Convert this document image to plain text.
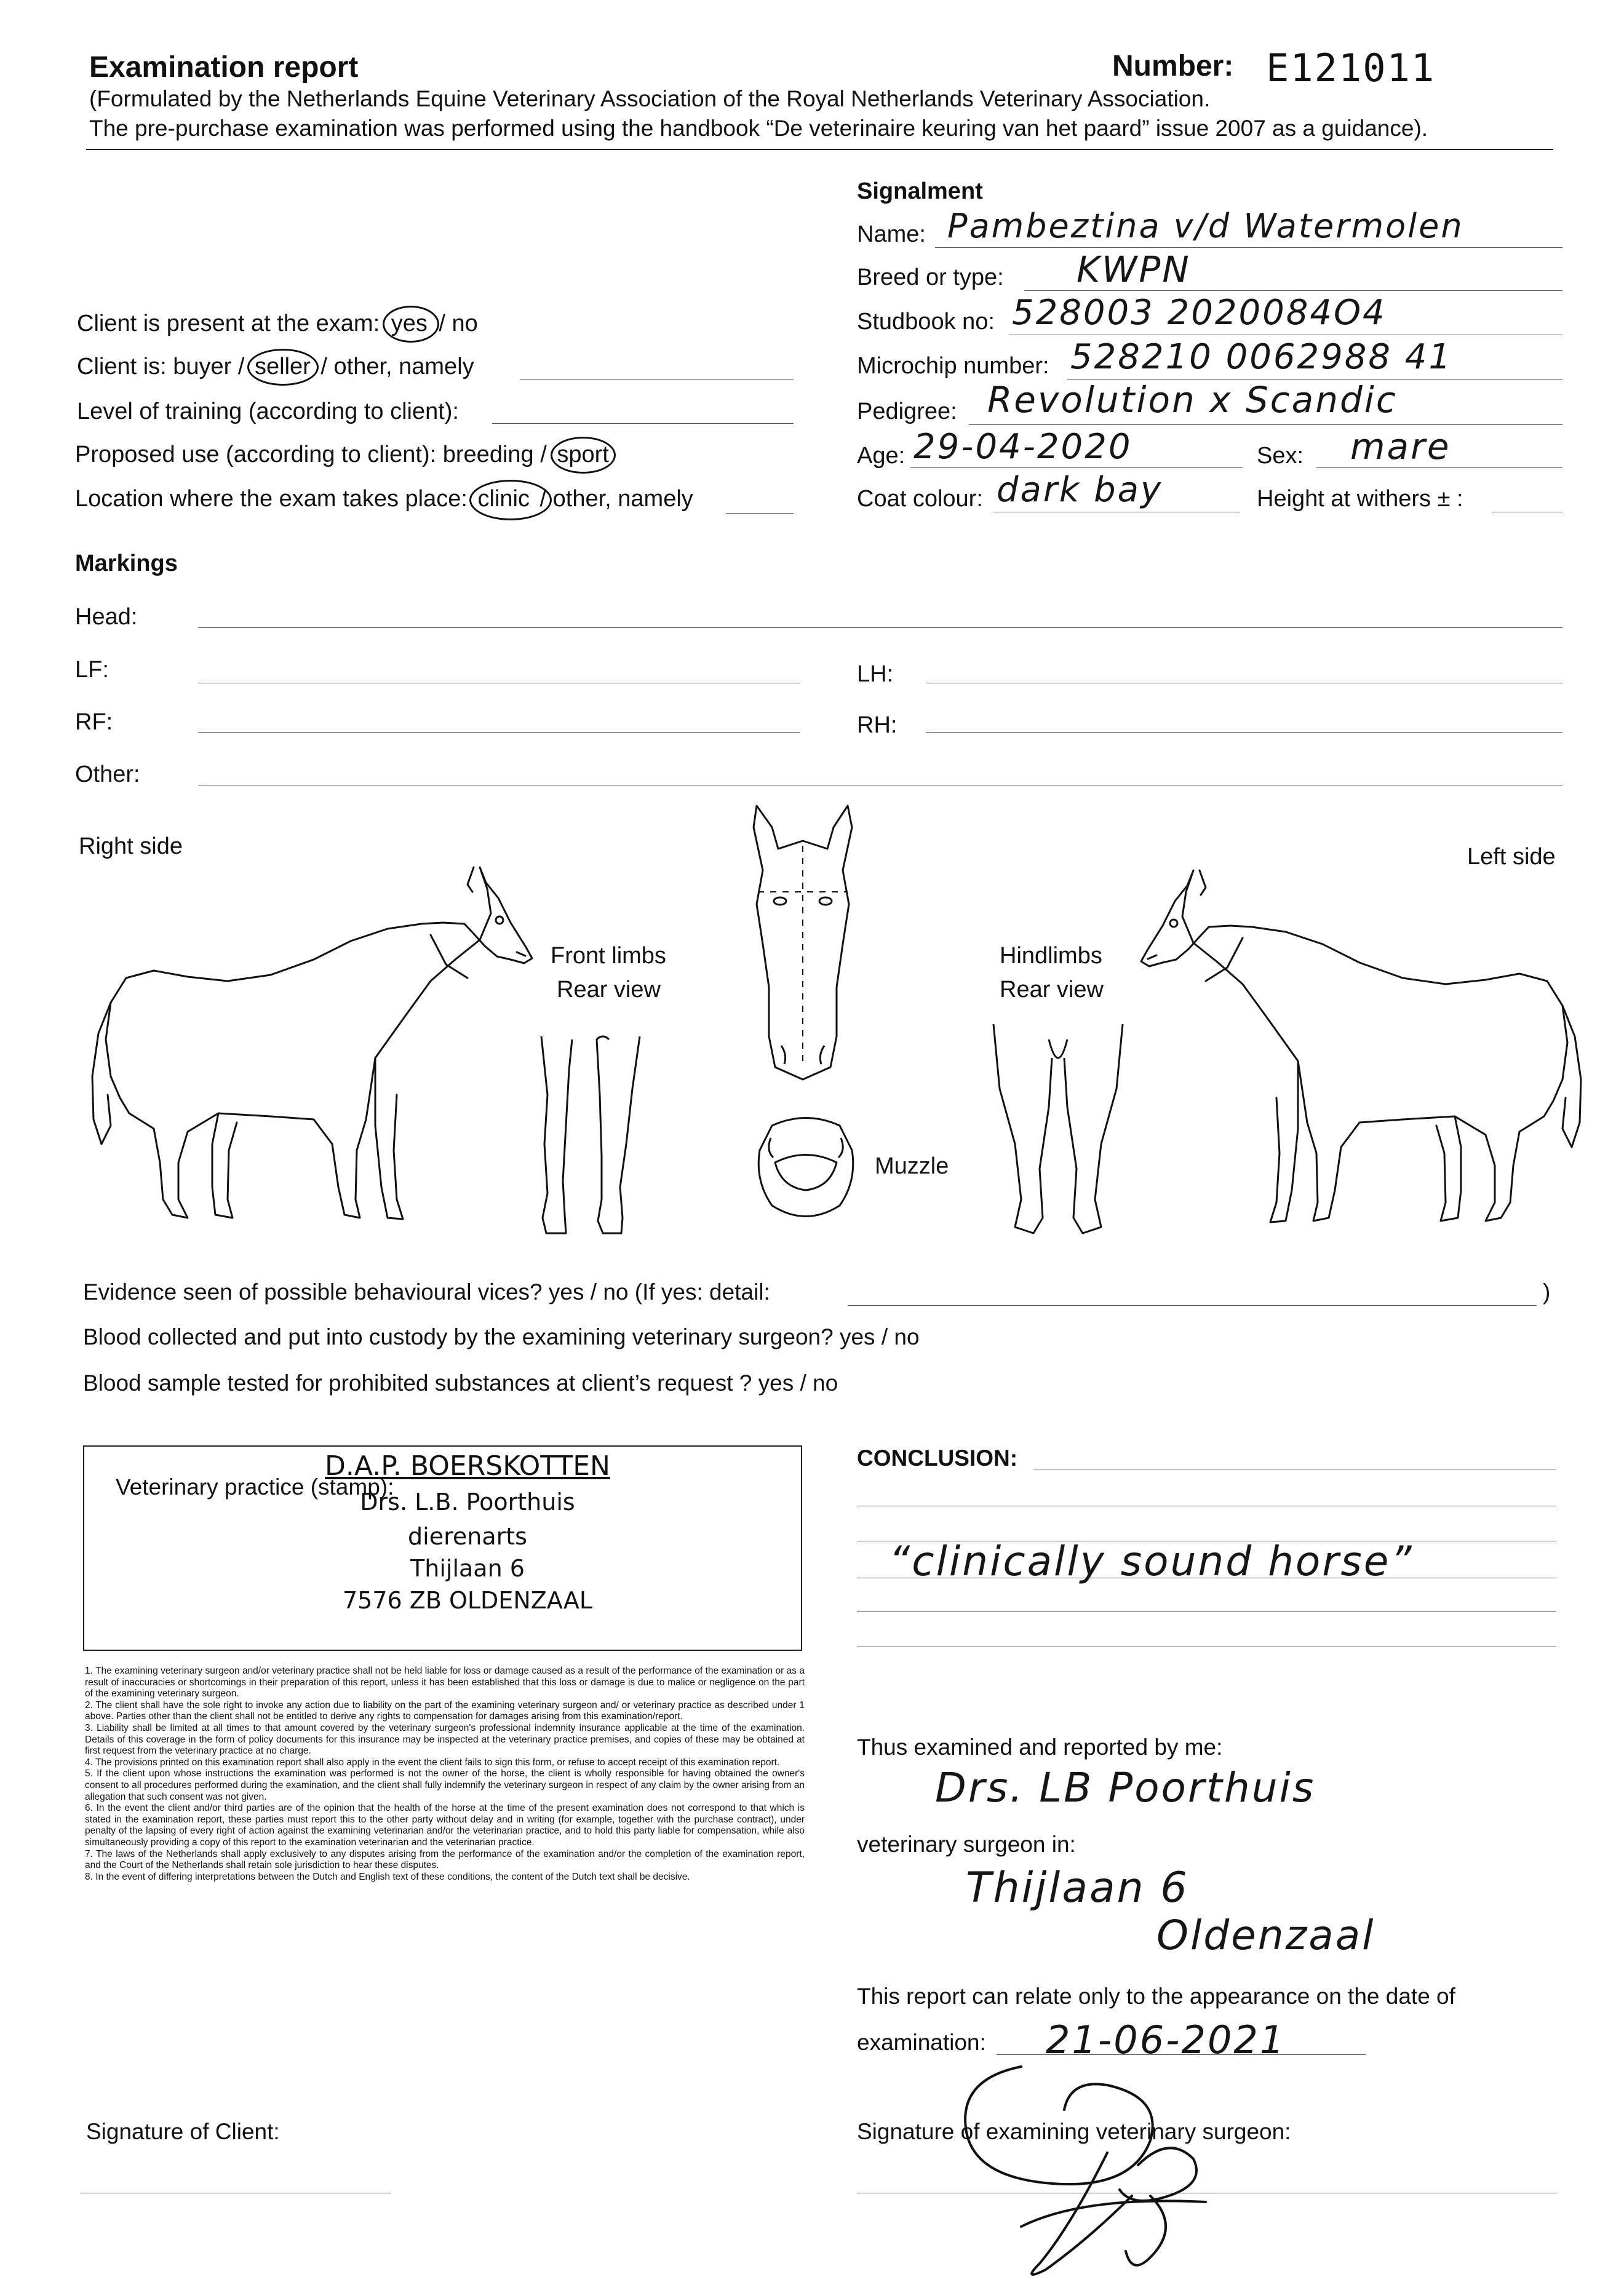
Examination report	Number: E121011
(Formulated by the Netherlands Equine Veterinary Association of the Royal Netherlands Veterinary Association.
The pre-purchase examination was performed using the handbook “De veterinaire keuring van het paard” issue 2007 as a guidance).
Client is present at the exam: yes / no
Client is: buyer / seller / other, namely
Level of training (according to client):
Proposed use (according to client): breeding / sport
Location where the exam takes place: clinic / other, namely
Signalment
Name: Pambeztina v/d Watermolen
Breed or type: KWPN
Studbook no: 528003 2020084O4
Microchip number: 528210 0062988 41
Pedigree: Revolution x Scandic
Age: 29-04-2020	Sex: mare
Coat colour: dark bay	Height at withers ± :
Markings
Head:
LF:	LH:
RF:	RH:
Other:
Right side	Left side
Front limbs
Rear view
Hindlimbs
Rear view
Muzzle
Evidence seen of possible behavioural vices? yes / no (If yes: detail:	)
Blood collected and put into custody by the examining veterinary surgeon? yes / no
Blood sample tested for prohibited substances at client’s request ? yes / no
Veterinary practice (stamp):
D.A.P. BOERSKOTTEN
Drs. L.B. Poorthuis
dierenarts
Thijlaan 6
7576 ZB OLDENZAAL

1. The examining veterinary surgeon and/or veterinary practice shall not be held liable for loss or damage caused as a result of the performance of the examination or as a result of inaccuracies or shortcomings in their preparation of this report, unless it has been established that this loss or damage is due to malice or negligence on the part of the examining veterinary surgeon.

2. The client shall have the sole right to invoke any action due to liability on the part of the examining veterinary surgeon and/ or veterinary practice as described under 1 above. Parties other than the client shall not be entitled to derive any rights to compensation for damages arising from this examination/report.

3. Liability shall be limited at all times to that amount covered by the veterinary surgeon's professional indemnity insurance applicable at the time of the examination. Details of this coverage in the form of policy documents for this insurance may be inspected at the veterinary practice premises, and copies of these may be obtained at first request from the veterinary practice at no charge.

4. The provisions printed on this examination report shall also apply in the event the client fails to sign this form, or refuse to accept receipt of this examination report.

5. If the client upon whose instructions the examination was performed is not the owner of the horse, the client is wholly responsible for having obtained the owner's consent to all procedures performed during the examination, and the client shall fully indemnify the veterinary surgeon in respect of any claim by the owner arising from an allegation that such consent was not given.

6. In the event the client and/or third parties are of the opinion that the health of the horse at the time of the present examination does not correspond to that which is stated in the examination report, these parties must report this to the other party without delay and in writing (for example, together with the purchase contract), under penalty of the lapsing of every right of action against the examining veterinarian and/or the veterinarian practice, and to hold this party liable for compensation, while also simultaneously providing a copy of this report to the examination veterinarian and the veterinarian practice.

7. The laws of the Netherlands shall apply exclusively to any disputes arising from the performance of the examination and/or the completion of the examination report, and the Court of the Netherlands shall retain sole jurisdiction to hear these disputes.

8. In the event of differing interpretations between the Dutch and English text of these conditions, the content of the Dutch text shall be decisive.

CONCLUSION:
“clinically sound horse”
Thus examined and reported by me:
Drs. LB Poorthuis
veterinary surgeon in:
Thijlaan 6
Oldenzaal
This report can relate only to the appearance on the date of
examination: 21-06-2021
Signature of Client:	Signature of examining veterinary surgeon:
